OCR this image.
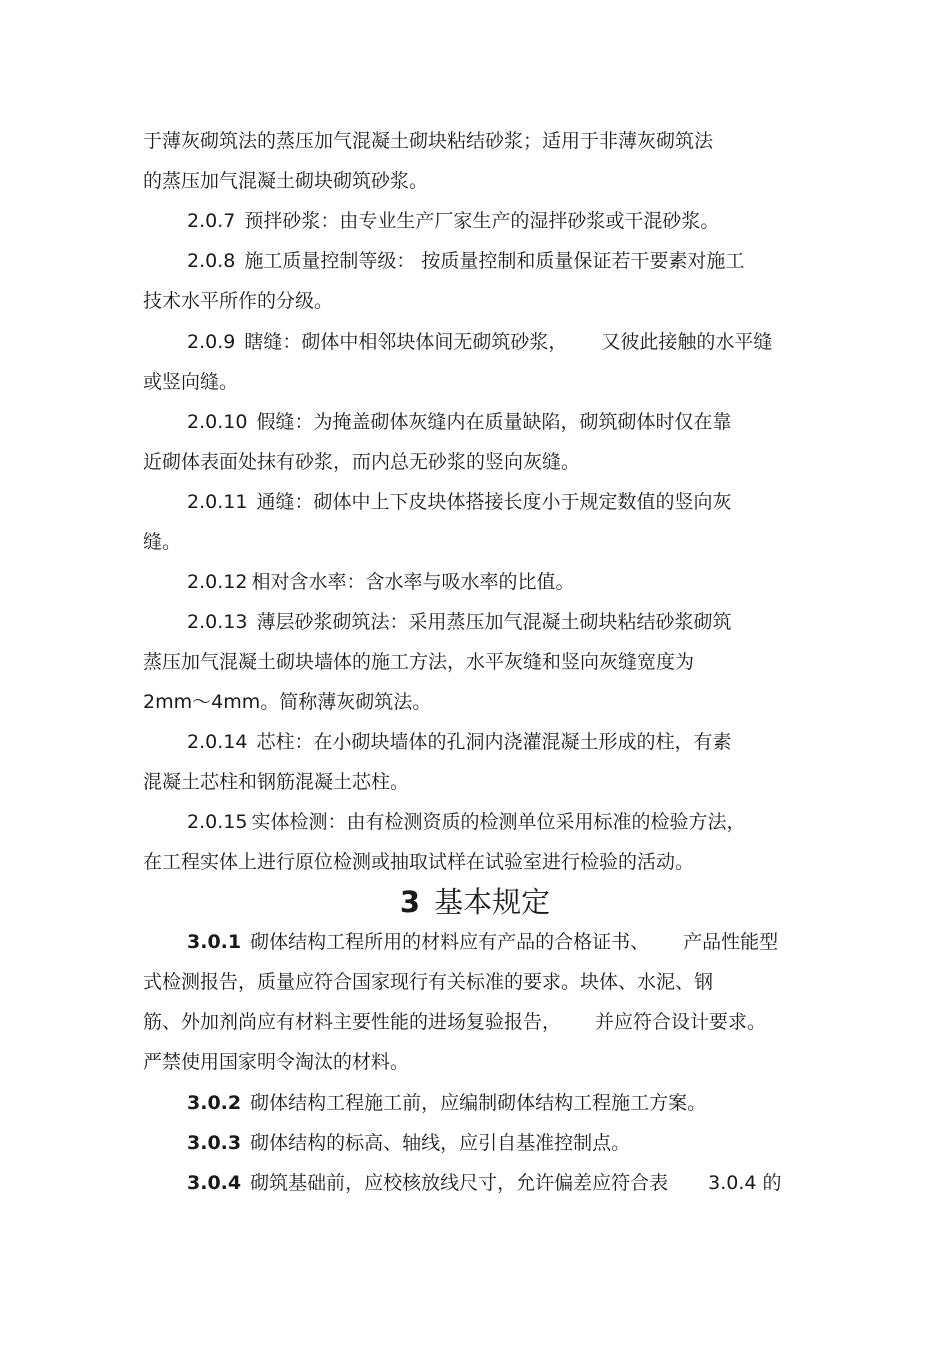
于薄灰砌筑法的蒸压加气混凝土砌块粘结砂浆；适用于非薄灰砌筑法
的蒸压加气混凝土砌块砌筑砂浆。
2.0.7 预拌砂浆：由专业生产厂家生产的湿拌砂浆或干混砂浆。
2.0.8 施工质量控制等级： 按质量控制和质量保证若干要素对施工
技术水平所作的分级。
2.0.9 瞎缝：砌体中相邻块体间无砌筑砂浆， 又彼此接触的水平缝
或竖向缝。
2.0.10 假缝：为掩盖砌体灰缝内在质量缺陷，砌筑砌体时仅在靠
近砌体表面处抹有砂浆，而内总无砂浆的竖向灰缝。
2.0.11 通缝：砌体中上下皮块体搭接长度小于规定数值的竖向灰
缝。
2.0.12 相对含水率：含水率与吸水率的比值。
2.0.13 薄层砂浆砌筑法：采用蒸压加气混凝土砌块粘结砂浆砌筑
蒸压加气混凝土砌块墙体的施工方法，水平灰缝和竖向灰缝宽度为
2mm～4mm。简称薄灰砌筑法。
2.0.14 芯柱：在小砌块墙体的孔洞内浇灌混凝土形成的柱，有素
混凝土芯柱和钢筋混凝土芯柱。
2.0.15 实体检测：由有检测资质的检测单位采用标准的检验方法，
在工程实体上进行原位检测或抽取试样在试验室进行检验的活动。
3 基本规定
3.0.1 砌体结构工程所用的材料应有产品的合格证书、 产品性能型
式检测报告，质量应符合国家现行有关标准的要求。块体、水泥、钢
筋、外加剂尚应有材料主要性能的进场复验报告， 并应符合设计要求。
严禁使用国家明令淘汰的材料。
3.0.2 砌体结构工程施工前，应编制砌体结构工程施工方案。
3.0.3 砌体结构的标高、轴线，应引自基准控制点。
3.0.4 砌筑基础前，应校核放线尺寸，允许偏差应符合表 3.0.4 的
